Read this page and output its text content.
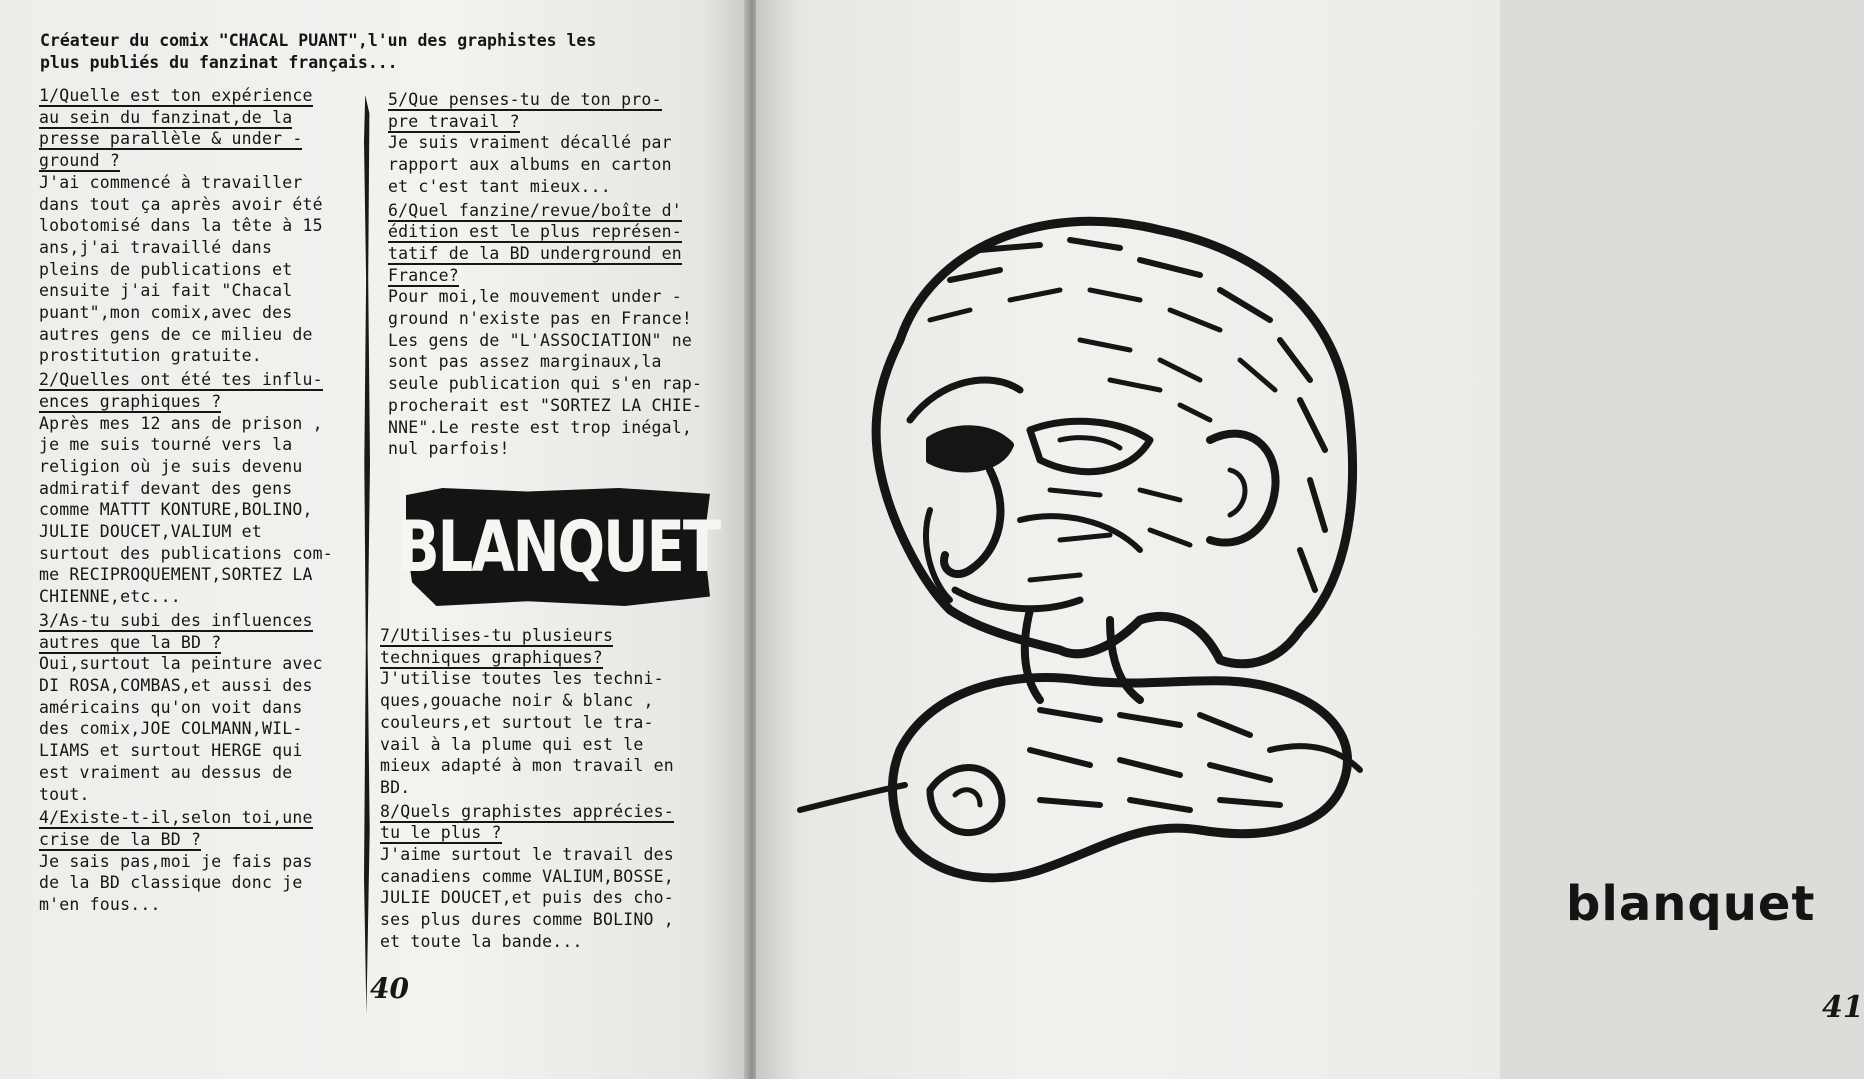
Créateur du comix "CHACAL PUANT",l'un des graphistes les
plus publiés du fanzinat français...
1/Quelle est ton expérience
au sein du fanzinat,de la
presse parallèle & under -
ground ?
J'ai commencé à travailler
dans tout ça après avoir été
lobotomisé dans la tête à 15
ans,j'ai travaillé dans
pleins de publications et
ensuite j'ai fait "Chacal
puant",mon comix,avec des
autres gens de ce milieu de
prostitution gratuite.
2/Quelles ont été tes influ-
ences graphiques ?
Après mes 12 ans de prison ,
je me suis tourné vers la
religion où je suis devenu
admiratif devant des gens
comme MATTT KONTURE,BOLINO,
JULIE DOUCET,VALIUM et
surtout des publications com-
me RECIPROQUEMENT,SORTEZ LA
CHIENNE,etc...
3/As-tu subi des influences
autres que la BD ?
Oui,surtout la peinture avec
DI ROSA,COMBAS,et aussi des
américains qu'on voit dans
des comix,JOE COLMANN,WIL-
LIAMS et surtout HERGE qui
est vraiment au dessus de
tout.
4/Existe-t-il,selon toi,une
crise de la BD ?
Je sais pas,moi je fais pas
de la BD classique donc je
m'en fous...
5/Que penses-tu de ton pro-
pre travail ?
Je suis vraiment décallé par
rapport aux albums en carton
et c'est tant mieux...
6/Quel fanzine/revue/boîte d'
édition est le plus représen-
tatif de la BD underground en
France?
Pour moi,le mouvement under -
ground n'existe pas en France!
Les gens de "L'ASSOCIATION" ne
sont pas assez marginaux,la
seule publication qui s'en rap-
procherait est "SORTEZ LA CHIE-
NNE".Le reste est trop inégal,
nul parfois!
BLANQUET
7/Utilises-tu plusieurs
techniques graphiques?
J'utilise toutes les techni-
ques,gouache noir & blanc ,
couleurs,et surtout le tra-
vail à la plume qui est le
mieux adapté à mon travail en
BD.
8/Quels graphistes apprécies-
tu le plus ?
J'aime surtout le travail des
canadiens comme VALIUM,BOSSE,
JULIE DOUCET,et puis des cho-
ses plus dures comme BOLINO ,
et toute la bande...
40
blanquet
41
